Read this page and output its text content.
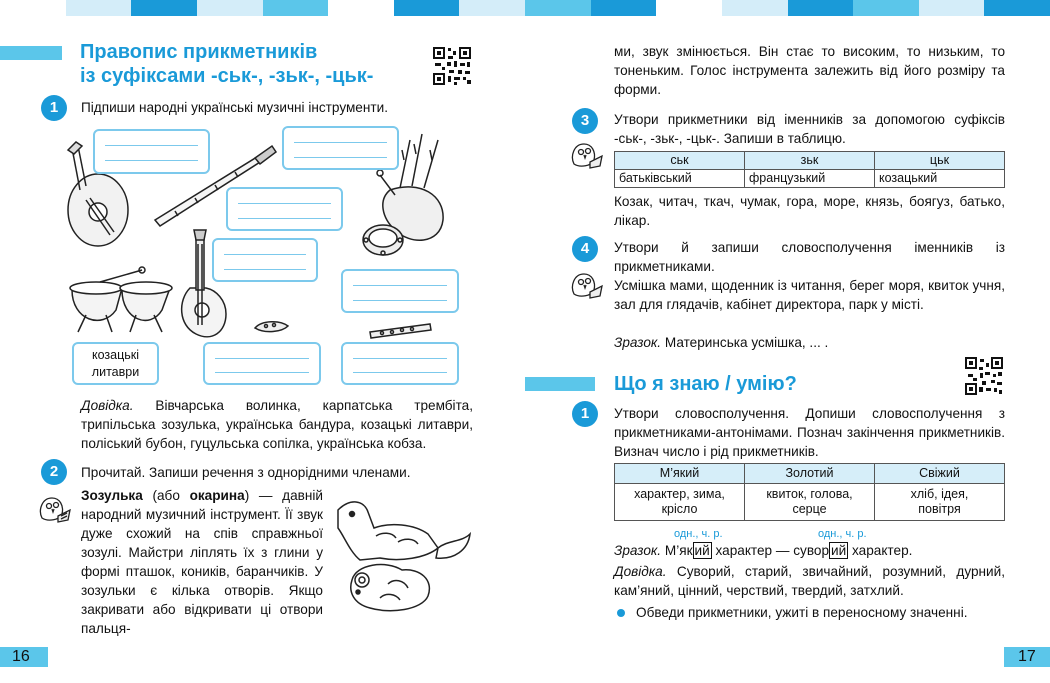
Правопис прикметників
із суфіксами -ськ-, -зьк-, -цьк-
1	Підпиши народні українські музичні інструменти.
козацькі литаври
Довідка. Вівчарська волинка, карпатська трембіта, трипільська зозулька, українська бандура, козацькі литаври, поліський бубон, гуцульська сопілка, українська кобза.
2	Прочитай. Запиши речення з однорідними членами.
Зозулька (або окарина) — давній народний музичний інструмент. Її звук дуже схожий на спів справжньої зозулі. Майстри ліплять їх з глини у формі пташок, коників, баранчиків. У зозульки є кілька отворів. Якщо закривати або відкривати ці отвори пальця-
16
ми, звук змінюється. Він стає то високим, то низьким, то тоненьким. Голос інструмента залежить від його розміру та форми.
3	Утвори прикметники від іменників за допомогою суфіксів -ськ-, -зьк-, -цьк-. Запиши в таблицю.
ськ	зьк	цьк
батьківський	французький	козацький
Козак, читач, ткач, чумак, гора, море, князь, боягуз, батько, лікар.
4	Утвори й запиши словосполучення іменників із прикметниками.
Усмішка мами, щоденник із читання, берег моря, квиток учня, зал для глядачів, кабінет директора, парк у місті.
Зразок. Материнська усмішка, ... .
Що я знаю / умію?
1	Утвори словосполучення. Допиши словосполучення з прикметниками-антонімами. Познач закінчення прикметників. Визнач число і рід прикметників.
М’який	Золотий	Свіжий
характер, зима, крісло	квиток, голова, серце	хліб, ідея, повітря
одн., ч. р.	одн., ч. р.
Зразок. М’як ий характер — сувор ий характер.
Довідка. Суворий, старий, звичайний, розумний, дурний, кам’яний, цінний, черствий, твердий, затхлий.
Обведи прикметники, ужиті в переносному значенні.
17
